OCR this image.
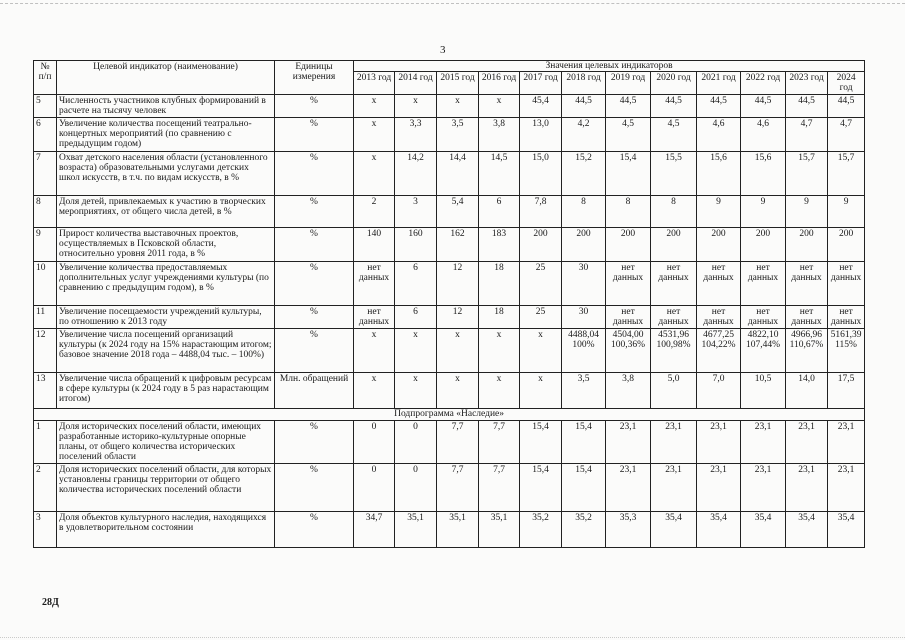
3
№ п/п	Целевой индикатор (наименование)	Единицы измерения	Значения целевых индикаторов											
			2013 год	2014 год	2015 год	2016 год	2017 год	2018 год	2019 год	2020 год	2021 год	2022 год	2023 год	2024 год
5	Численность участников клубных формирований в расчете на тысячу человек	%	x	x	x	x	45,4	44,5	44,5	44,5	44,5	44,5	44,5	44,5
6	Увеличение количества посещений театрально-концертных мероприятий (по сравнению с предыдущим годом)	%	x	3,3	3,5	3,8	13,0	4,2	4,5	4,5	4,6	4,6	4,7	4,7
7	Охват детского населения области (установленного возраста) образовательными услугами детских школ искусств, в т.ч. по видам искусств, в %	%	x	14,2	14,4	14,5	15,0	15,2	15,4	15,5	15,6	15,6	15,7	15,7
8	Доля детей, привлекаемых к участию в творческих мероприятиях, от общего числа детей, в %	%	2	3	5,4	6	7,8	8	8	8	9	9	9	9
9	Прирост количества выставочных проектов, осуществляемых в Псковской области, относительно уровня 2011 года, в %	%	140	160	162	183	200	200	200	200	200	200	200	200
10	Увеличение количества предоставляемых дополнительных услуг учреждениями культуры (по сравнению с предыдущим годом), в %	%	нет данных	6	12	18	25	30	нет данных	нет данных	нет данных	нет данных	нет данных	нет данных
11	Увеличение посещаемости учреждений культуры, по отношению к 2013 году	%	нет данных	6	12	18	25	30	нет данных	нет данных	нет данных	нет данных	нет данных	нет данных
12	Увеличение числа посещений организаций культуры (к 2024 году на 15% нарастающим итогом; базовое значение 2018 года – 4488,04 тыс. – 100%)	%	x	x	x	x	x	4488,04 100%	4504,00 100,36%	4531,96 100,98%	4677,25 104,22%	4822,10 107,44%	4966,96 110,67%	5161,39 115%
13	Увеличение числа обращений к цифровым ресурсам в сфере культуры (к 2024 году в 5 раз нарастающим итогом)	Млн. обращений	x	x	x	x	x	3,5	3,8	5,0	7,0	10,5	14,0	17,5
Подпрограмма «Наследие»														
1	Доля исторических поселений области, имеющих разработанные историко-культурные опорные планы, от общего количества исторических поселений области	%	0	0	7,7	7,7	15,4	15,4	23,1	23,1	23,1	23,1	23,1	23,1
2	Доля исторических поселений области, для которых установлены границы территории от общего количества исторических поселений области	%	0	0	7,7	7,7	15,4	15,4	23,1	23,1	23,1	23,1	23,1	23,1
3	Доля объектов культурного наследия, находящихся в удовлетворительном состоянии	%	34,7	35,1	35,1	35,1	35,2	35,2	35,3	35,4	35,4	35,4	35,4	35,4
28Д
